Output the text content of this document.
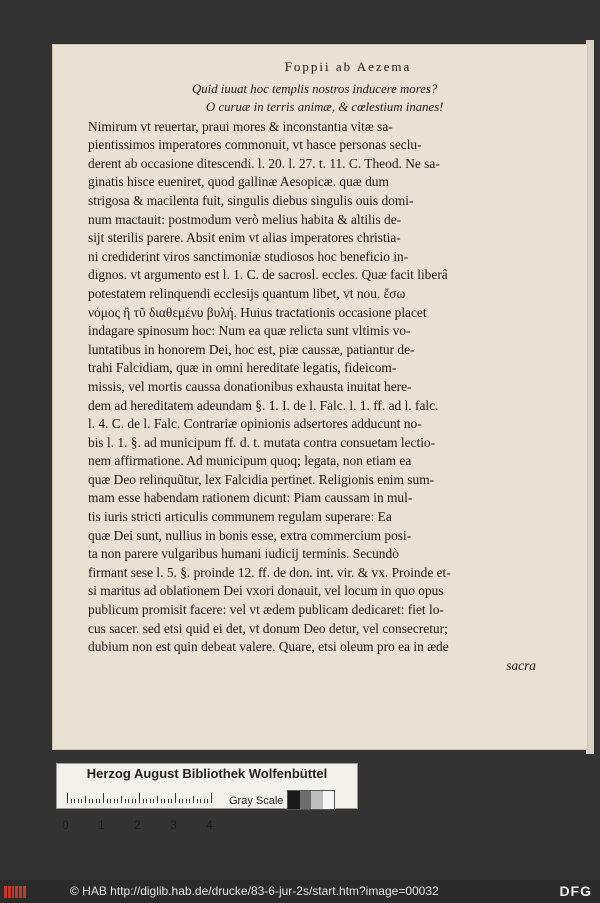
Foppii ab Aezema
Quid iuuat hoc templis nostros inducere mores?
O curuæ in terris animæ, & cœlestium inanes!
Nimirum vt reuertar, praui mores & inconstantia vitæ sa-
pientissimos imperatores commonuit, vt hasce personas seclu-
derent ab occasione ditescendi. l. 20. l. 27. t. 11. C. Theod. Ne sa-
ginatis hisce eueniret, quod gallinæ Aesopicæ. quæ dum
strigosa & macilenta fuit, singulis diebus singulis ouis domi-
num mactauit: postmodum verò melius habita & altilis de-
sijt sterilis parere. Absit enim vt alias imperatores christia-
ni crediderint viros sanctimoniæ studiosos hoc beneficio in-
dignos. vt argumento est l. 1. C. de sacrosl. eccles. Quæ facit liberâ
potestatem relinquendi ecclesijs quantum libet, vt nou. ἔσω
νόμος ἢ τῦ διαθεμένυ βυλή. Huius tractationis occasione placet
indagare spinosum hoc: Num ea quæ relicta sunt vltimis vo-
luntatibus in honorem Dei, hoc est, piæ caussæ, patiantur de-
trahi Falcidiam, quæ in omni hereditate legatis, fideicom-
missis, vel mortis caussa donationibus exhausta inuitat here-
dem ad hereditatem adeundam §. 1. I. de l. Falc. l. 1. ff. ad l. falc.
l. 4. C. de l. Falc. Contrariæ opinionis adsertores adducunt no-
bis l. 1. §. ad municipum ff. d. t. mutata contra consuetam lectio-
nem affirmatione. Ad municipum quoq; legata, non etiam ea
quæ Deo relinquũtur, lex Falcidia pertinet. Religionis enim sum-
mam esse habendam rationem dicunt: Piam caussam in mul-
tis iuris stricti articulis communem regulam superare: Ea
quæ Dei sunt, nullius in bonis esse, extra commercium posi-
ta non parere vulgaribus humani iudicij terminis. Secundò
firmant sese l. 5. §. proinde 12. ff. de don. int. vir. & vx. Proinde et-
si maritus ad oblationem Dei vxori donauit, vel locum in quo opus
publicum promisit facere: vel vt ædem publicam dedicaret: fiet lo-
cus sacer. sed etsi quid ei det, vt donum Deo detur, vel consecretur;
dubium non est quin debeat valere. Quare, etsi oleum pro ea in æde
sacra
Herzog August Bibliothek Wolfenbüttel
Gray Scale
0 1 2 3 4
© HAB http://diglib.hab.de/drucke/83-6-jur-2s/start.htm?image=00032	DFG
